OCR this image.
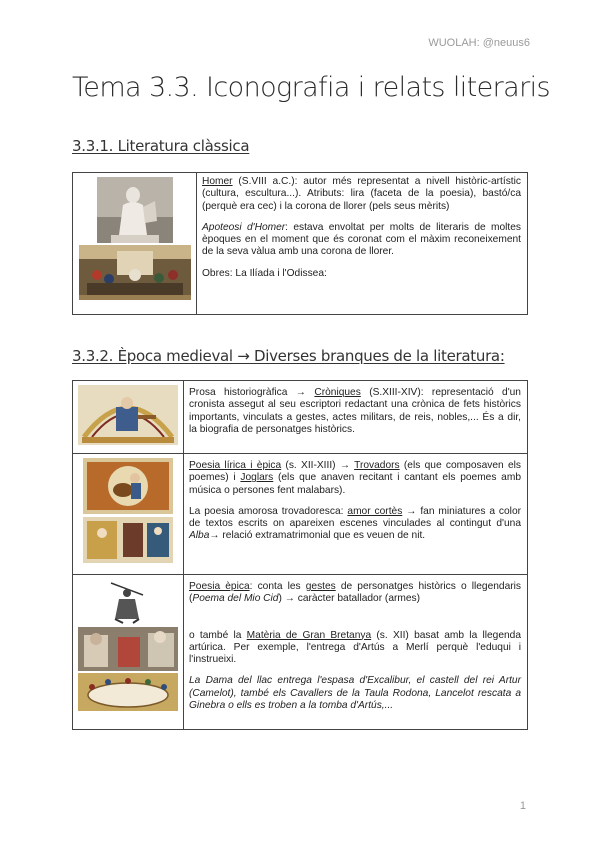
WUOLAH: @neuus6
Tema 3.3. Iconografia i relats literaris
3.3.1. Literatura clàssica

Homer (S.VIII a.C.): autor més representat a nivell històric-artístic (cultura, escultura...). Atributs: lira (faceta de la poesia), bastó/ca (perquè era cec) i la corona de llorer (pels seus mèrits)

Apoteosi d'Homer: estava envoltat per molts de literaris de moltes èpoques en el moment que és coronat com el màxim reconeixement de la seva vàlua amb una corona de llorer.

Obres: La Ilíada i l'Odissea:

3.3.2. Època medieval → Diverses branques de la literatura:

Prosa historiogràfica → Cròniques (S.XIII-XIV): representació d'un cronista assegut al seu escriptori redactant una crònica de fets històrics importants, vinculats a gestes, actes militars, de reis, nobles,... És a dir, la biografia de personatges històrics.

Poesia lírica i èpica (s. XII-XIII) → Trovadors (els que composaven els poemes) i Joglars (els que anaven recitant i cantant els poemes amb música o persones fent malabars).

La poesia amorosa trovadoresca: amor cortès → fan miniatures a color de textos escrits on apareixen escenes vinculades al contingut d'una Alba→ relació extramatrimonial que es veuen de nit.

Poesia èpica: conta les gestes de personatges històrics o llegendaris (Poema del Mio Cid) → caràcter batallador (armes)

o també la Matèria de Gran Bretanya (s. XII) basat amb la llegenda artúrica. Per exemple, l'entrega d'Artús a Merlí perquè l'eduqui i l'instrueixi.

La Dama del llac entrega l'espasa d'Excalibur, el castell del rei Artur (Camelot), també els Cavallers de la Taula Rodona, Lancelot rescata a Ginebra o ells es troben a la tomba d'Artús,...

1
